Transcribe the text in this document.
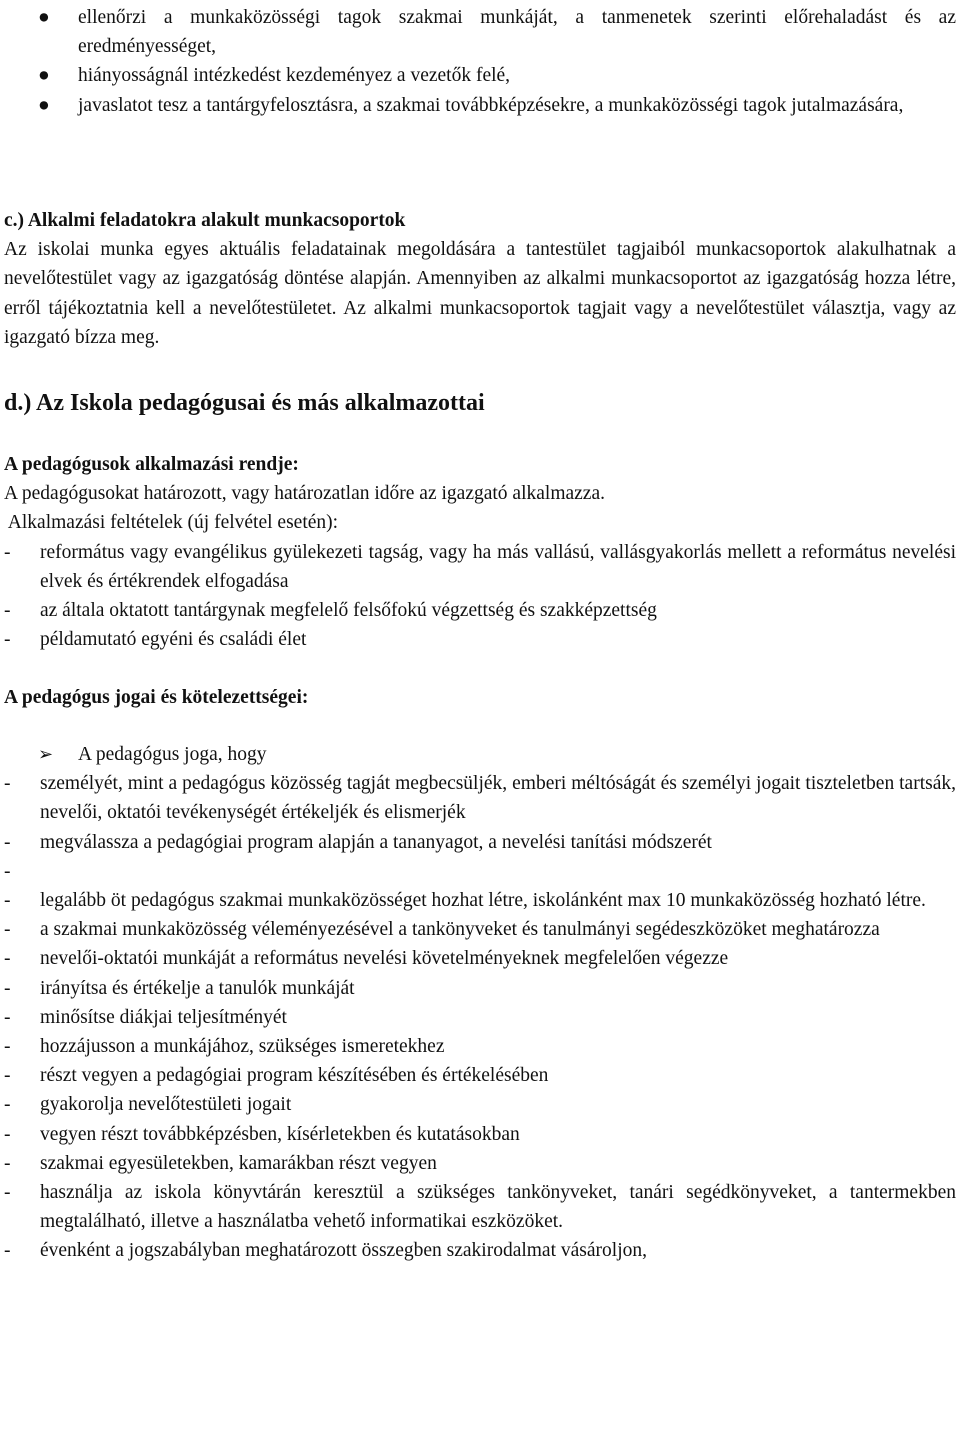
● ellenőrzi a munkaközösségi tagok szakmai munkáját, a tanmenetek szerinti előrehaladást és az eredményességet,
● hiányosságnál intézkedést kezdeményez a vezetők felé,
● javaslatot tesz a tantárgyfelosztásra, a szakmai továbbképzésekre, a munkaközösségi tagok jutalmazására,
c.) Alkalmi feladatokra alakult munkacsoportok
Az iskolai munka egyes aktuális feladatainak megoldására a tantestület tagjaiból munkacsoportok alakulhatnak a nevelőtestület vagy az igazgatóság döntése alapján. Amennyiben az alkalmi munkacsoportot az igazgatóság hozza létre, erről tájékoztatnia kell a nevelőtestületet. Az alkalmi munkacsoportok tagjait vagy a nevelőtestület választja, vagy az igazgató bízza meg.
d.) Az Iskola pedagógusai és más alkalmazottai
A pedagógusok alkalmazási rendje:
A pedagógusokat határozott, vagy határozatlan időre az igazgató alkalmazza.
Alkalmazási feltételek (új felvétel esetén):
- református vagy evangélikus gyülekezeti tagság, vagy ha más vallású, vallásgyakorlás mellett a református nevelési elvek és értékrendek elfogadása
- az általa oktatott tantárgynak megfelelő felsőfokú végzettség és szakképzettség
- példamutató egyéni és családi élet
A pedagógus jogai és kötelezettségei:
➢ A pedagógus joga, hogy
- személyét, mint a pedagógus közösség tagját megbecsüljék, emberi méltóságát és személyi jogait tiszteletben tartsák, nevelői, oktatói tevékenységét értékeljék és elismerjék
- megválassza a pedagógiai program alapján a tananyagot, a nevelési tanítási módszerét
-
- legalább öt pedagógus szakmai munkaközösséget hozhat létre, iskolánként max 10 munkaközösség hozható létre.
- a szakmai munkaközösség véleményezésével a tankönyveket és tanulmányi segédeszközöket meghatározza
- nevelői-oktatói munkáját a református nevelési követelményeknek megfelelően végezze
- irányítsa és értékelje a tanulók munkáját
- minősítse diákjai teljesítményét
- hozzájusson a munkájához, szükséges ismeretekhez
- részt vegyen a pedagógiai program készítésében és értékelésében
- gyakorolja nevelőtestületi jogait
- vegyen részt továbbképzésben, kísérletekben és kutatásokban
- szakmai egyesületekben, kamarákban részt vegyen
- használja az iskola könyvtárán keresztül a szükséges tankönyveket, tanári segédkönyveket, a tantermekben megtalálható, illetve a használatba vehető informatikai eszközöket.
- évenként a jogszabályban meghatározott összegben szakirodalmat vásároljon,
